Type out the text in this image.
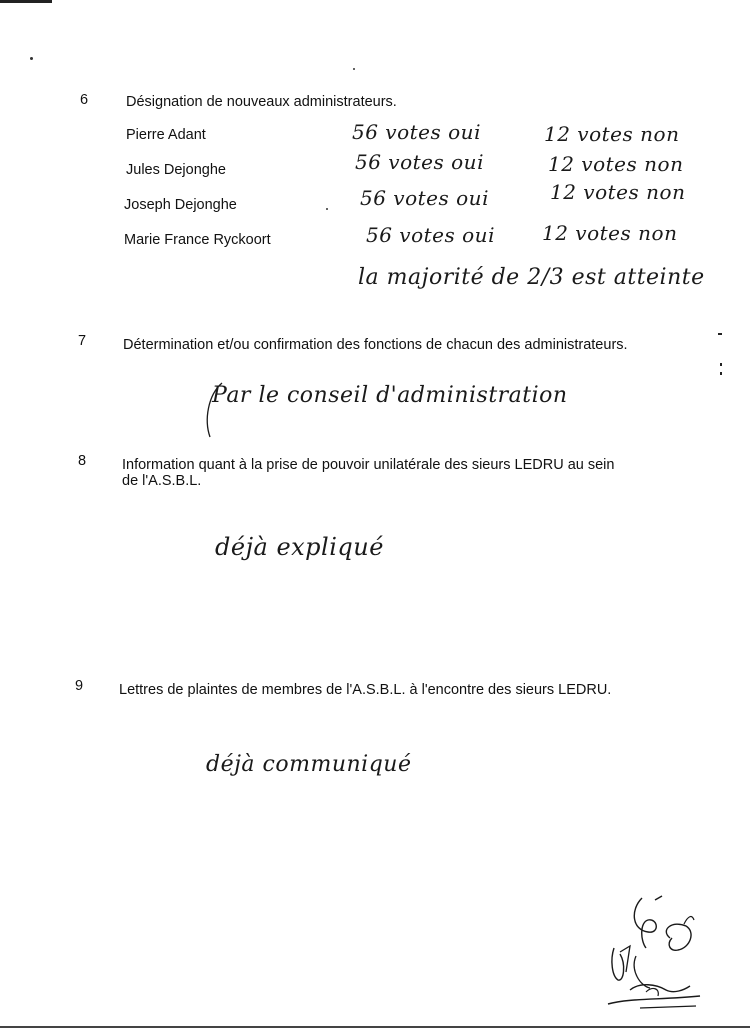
6	Désignation de nouveaux administrateurs.
Pierre Adant	56 votes oui	12 votes non
Jules Dejonghe	56 votes oui	12 votes non
Joseph Dejonghe	56 votes oui	12 votes non
Marie France Ryckoort	56 votes oui 12 votes non
la majorité de 2/3 est atteinte
7	Détermination et/ou confirmation des fonctions de chacun des administrateurs.
Par le conseil d'administration
8 Information quant à la prise de pouvoir unilatérale des sieurs LEDRU au sein
de l'A.S.B.L.
déjà expliqué
9 Lettres de plaintes de membres de l'A.S.B.L. à l'encontre des sieurs LEDRU.
déjà communiqué
